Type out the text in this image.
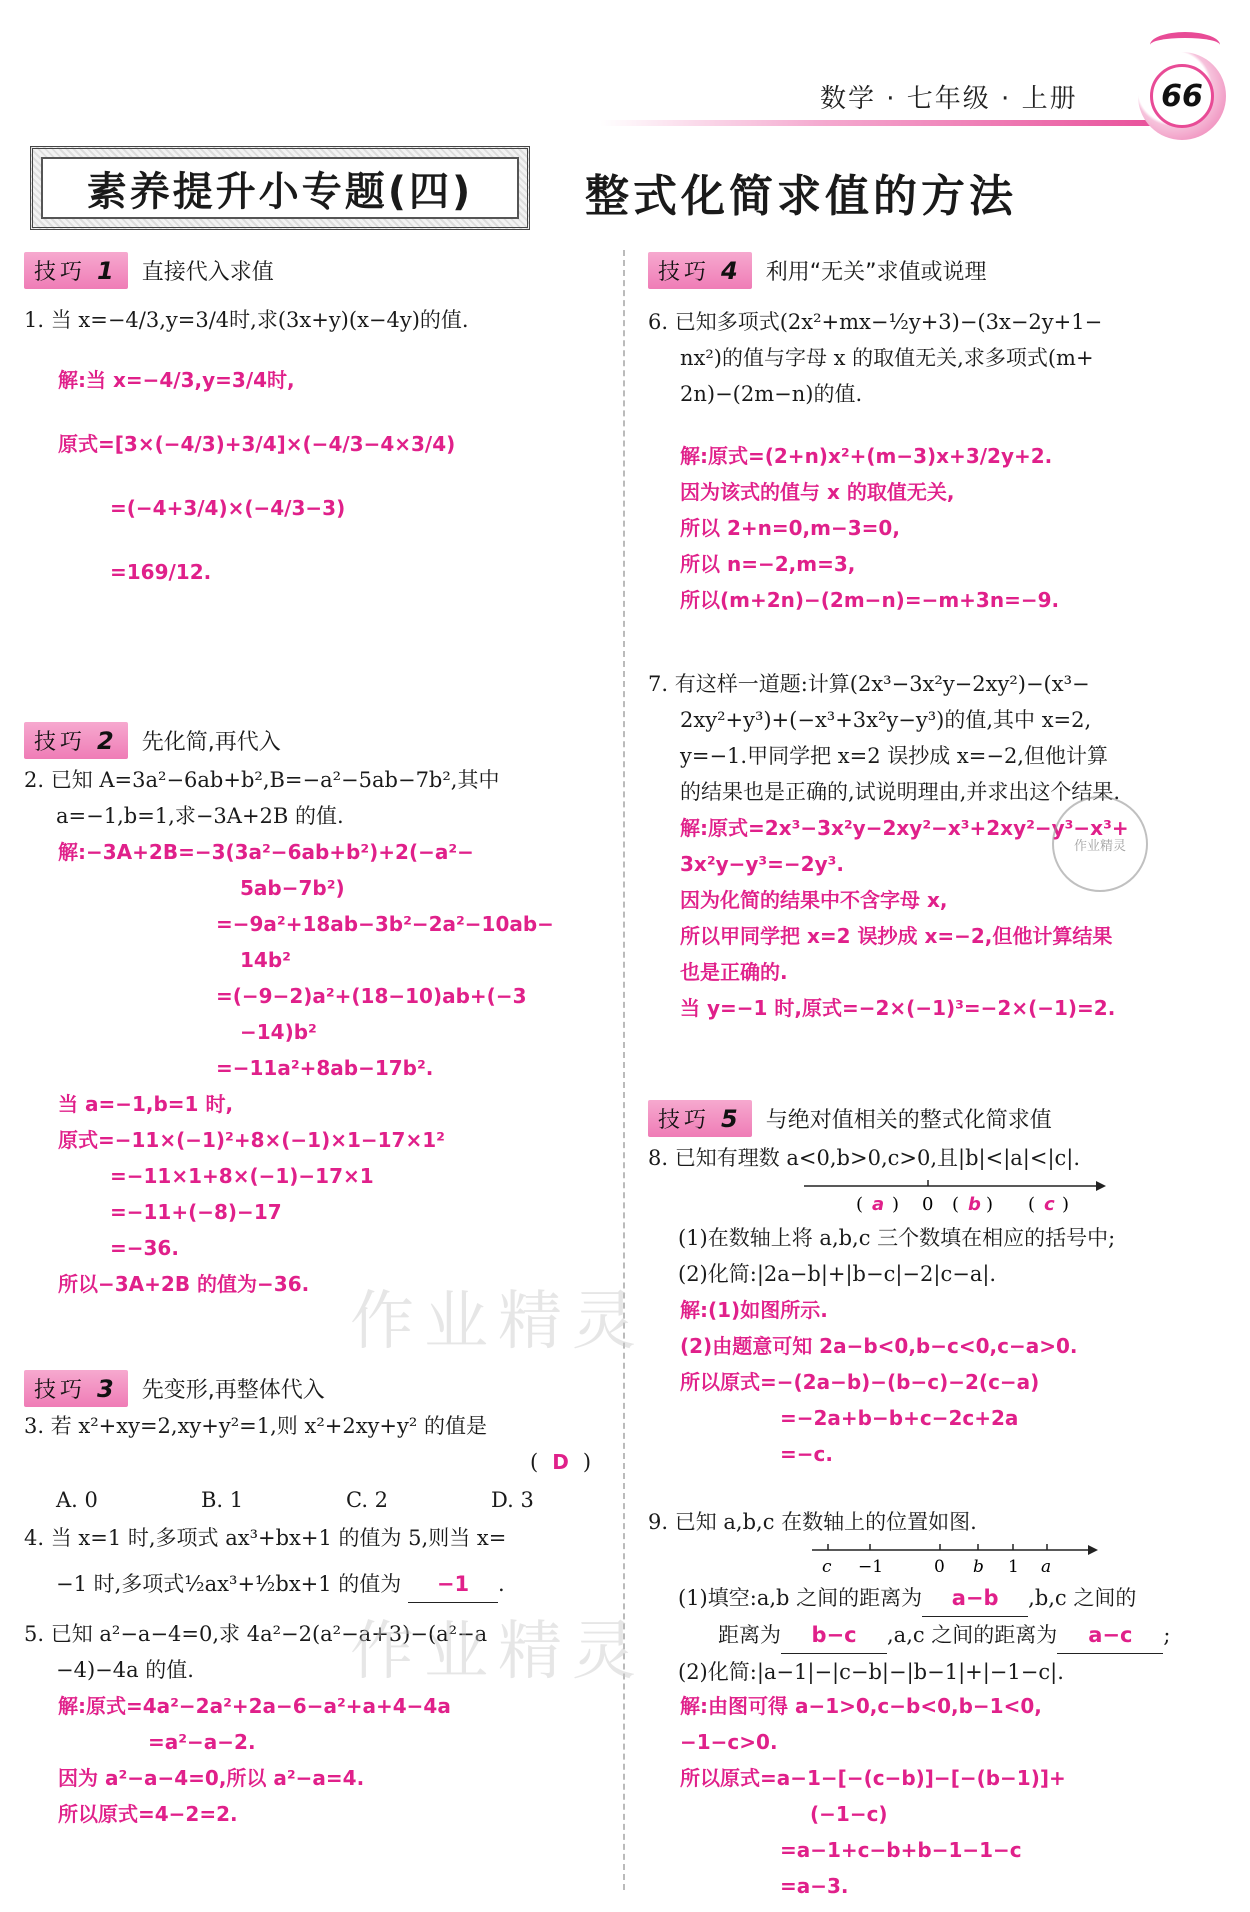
数学 · 七年级 · 上册	66
素养提升小专题(四)	整式化简求值的方法
技巧 1	直接代入求值
1. 当 x=−4/3,y=3/4时,求(3x+y)(x−4y)的值.
解:当 x=−4/3,y=3/4时,
原式=[3×(−4/3)+3/4]×(−4/3−4×3/4)
=(−4+3/4)×(−4/3−3)
=169/12.
技巧 2	先化简,再代入
2. 已知 A=3a²−6ab+b²,B=−a²−5ab−7b²,其中
a=−1,b=1,求−3A+2B 的值.
解:−3A+2B=−3(3a²−6ab+b²)+2(−a²−
5ab−7b²)
=−9a²+18ab−3b²−2a²−10ab−
14b²
=(−9−2)a²+(18−10)ab+(−3
−14)b²
=−11a²+8ab−17b².
当 a=−1,b=1 时,
原式=−11×(−1)²+8×(−1)×1−17×1²
=−11×1+8×(−1)−17×1
=−11+(−8)−17
=−36.
所以−3A+2B 的值为−36.
作业精灵
技巧 3	先变形,再整体代入
3. 若 x²+xy=2,xy+y²=1,则 x²+2xy+y² 的值是
( D )
A. 0	B. 1	C. 2	D. 3
4. 当 x=1 时,多项式 ax³+bx+1 的值为 5,则当 x=
−1 时,多项式½ax³+½bx+1 的值为 −1 .
5. 已知 a²−a−4=0,求 4a²−2(a²−a+3)−(a²−a
−4)−4a 的值.
解:原式=4a²−2a²+2a−6−a²+a+4−4a
=a²−a−2.
因为 a²−a−4=0,所以 a²−a=4.
所以原式=4−2=2.
作业精灵
技巧 4	利用“无关”求值或说理
6. 已知多项式(2x²+mx−½y+3)−(3x−2y+1−
nx²)的值与字母 x 的取值无关,求多项式(m+
2n)−(2m−n)的值.
解:原式=(2+n)x²+(m−3)x+3/2y+2.
因为该式的值与 x 的取值无关,
所以 2+n=0,m−3=0,
所以 n=−2,m=3,
所以(m+2n)−(2m−n)=−m+3n=−9.
7. 有这样一道题:计算(2x³−3x²y−2xy²)−(x³−
2xy²+y³)+(−x³+3x²y−y³)的值,其中 x=2,
y=−1.甲同学把 x=2 误抄成 x=−2,但他计算
的结果也是正确的,试说明理由,并求出这个结果.
解:原式=2x³−3x²y−2xy²−x³+2xy²−y³−x³+
3x²y−y³=−2y³.
因为化简的结果中不含字母 x,
所以甲同学把 x=2 误抄成 x=−2,但他计算结果
也是正确的.
当 y=−1 时,原式=−2×(−1)³=−2×(−1)=2.
作业精灵
技巧 5	与绝对值相关的整式化简求值
8. 已知有理数 a<0,b>0,c>0,且|b|<|a|<|c|.
( a ) 0 ( b ) ( c )
(1)在数轴上将 a,b,c 三个数填在相应的括号中;
(2)化简:|2a−b|+|b−c|−2|c−a|.
解:(1)如图所示.
(2)由题意可知 2a−b<0,b−c<0,c−a>0.
所以原式=−(2a−b)−(b−c)−2(c−a)
=−2a+b−b+c−2c+2a
=−c.
9. 已知 a,b,c 在数轴上的位置如图.
c −1	0 b 1 a
(1)填空:a,b 之间的距离为 a−b ,b,c 之间的
距离为 b−c ,a,c 之间的距离为 a−c ;
(2)化简:|a−1|−|c−b|−|b−1|+|−1−c|.
解:由图可得 a−1>0,c−b<0,b−1<0,
−1−c>0.
所以原式=a−1−[−(c−b)]−[−(b−1)]+
(−1−c)
=a−1+c−b+b−1−1−c
=a−3.
